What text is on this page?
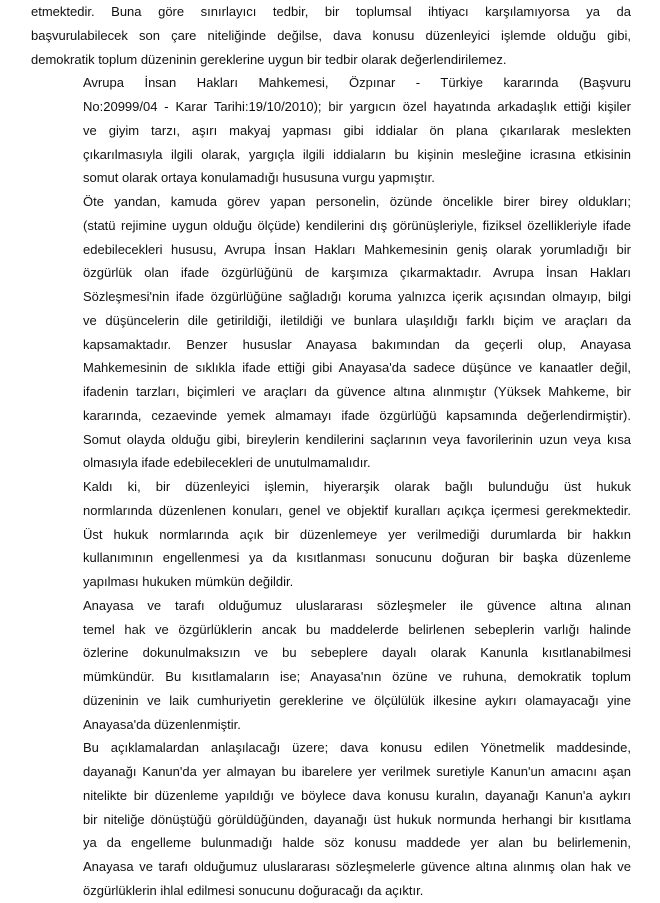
etmektedir. Buna göre sınırlayıcı tedbir, bir toplumsal ihtiyacı karşılamıyorsa ya da
başvurulabilecek son çare niteliğinde değilse, dava konusu düzenleyici işlemde olduğu gibi,
demokratik toplum düzeninin gereklerine uygun bir tedbir olarak değerlendirilemez.
Avrupa İnsan Hakları Mahkemesi, Özpınar - Türkiye kararında (Başvuru
No:20999/04 - Karar Tarihi:19/10/2010); bir yargıcın özel hayatında arkadaşlık ettiği kişiler
ve giyim tarzı, aşırı makyaj yapması gibi iddialar ön plana çıkarılarak meslekten
çıkarılmasıyla ilgili olarak, yargıçla ilgili iddiaların bu kişinin mesleğine icrasına etkisinin
somut olarak ortaya konulamadığı hususuna vurgu yapmıştır.
Öte yandan, kamuda görev yapan personelin, özünde öncelikle birer birey oldukları;
(statü rejimine uygun olduğu ölçüde) kendilerini dış görünüşleriyle, fiziksel özellikleriyle ifade
edebilecekleri hususu, Avrupa İnsan Hakları Mahkemesinin geniş olarak yorumladığı bir
özgürlük olan ifade özgürlüğünü de karşımıza çıkarmaktadır. Avrupa İnsan Hakları
Sözleşmesi'nin ifade özgürlüğüne sağladığı koruma yalnızca içerik açısından olmayıp, bilgi
ve düşüncelerin dile getirildiği, iletildiği ve bunlara ulaşıldığı farklı biçim ve araçları da
kapsamaktadır. Benzer hususlar Anayasa bakımından da geçerli olup, Anayasa
Mahkemesinin de sıklıkla ifade ettiği gibi Anayasa'da sadece düşünce ve kanaatler değil,
ifadenin tarzları, biçimleri ve araçları da güvence altına alınmıştır (Yüksek Mahkeme, bir
kararında, cezaevinde yemek almamayı ifade özgürlüğü kapsamında değerlendirmiştir).
Somut olayda olduğu gibi, bireylerin kendilerini saçlarının veya favorilerinin uzun veya kısa
olmasıyla ifade edebilecekleri de unutulmamalıdır.
Kaldı ki, bir düzenleyici işlemin, hiyerarşik olarak bağlı bulunduğu üst hukuk
normlarında düzenlenen konuları, genel ve objektif kuralları açıkça içermesi gerekmektedir.
Üst hukuk normlarında açık bir düzenlemeye yer verilmediği durumlarda bir hakkın
kullanımının engellenmesi ya da kısıtlanması sonucunu doğuran bir başka düzenleme
yapılması hukuken mümkün değildir.
Anayasa ve tarafı olduğumuz uluslararası sözleşmeler ile güvence altına alınan
temel hak ve özgürlüklerin ancak bu maddelerde belirlenen sebeplerin varlığı halinde
özlerine dokunulmaksızın ve bu sebeplere dayalı olarak Kanunla kısıtlanabilmesi
mümkündür. Bu kısıtlamaların ise; Anayasa'nın özüne ve ruhuna, demokratik toplum
düzeninin ve laik cumhuriyetin gereklerine ve ölçülülük ilkesine aykırı olamayacağı yine
Anayasa'da düzenlenmiştir.
Bu açıklamalardan anlaşılacağı üzere; dava konusu edilen Yönetmelik maddesinde,
dayanağı Kanun'da yer almayan bu ibarelere yer verilmek suretiyle Kanun'un amacını aşan
nitelikte bir düzenleme yapıldığı ve böylece dava konusu kuralın, dayanağı Kanun'a aykırı
bir niteliğe dönüştüğü görüldüğünden, dayanağı üst hukuk normunda herhangi bir kısıtlama
ya da engelleme bulunmadığı halde söz konusu maddede yer alan bu belirlemenin,
Anayasa ve tarafı olduğumuz uluslararası sözleşmelerle güvence altına alınmış olan hak ve
özgürlüklerin ihlal edilmesi sonucunu doğuracağı da açıktır.
